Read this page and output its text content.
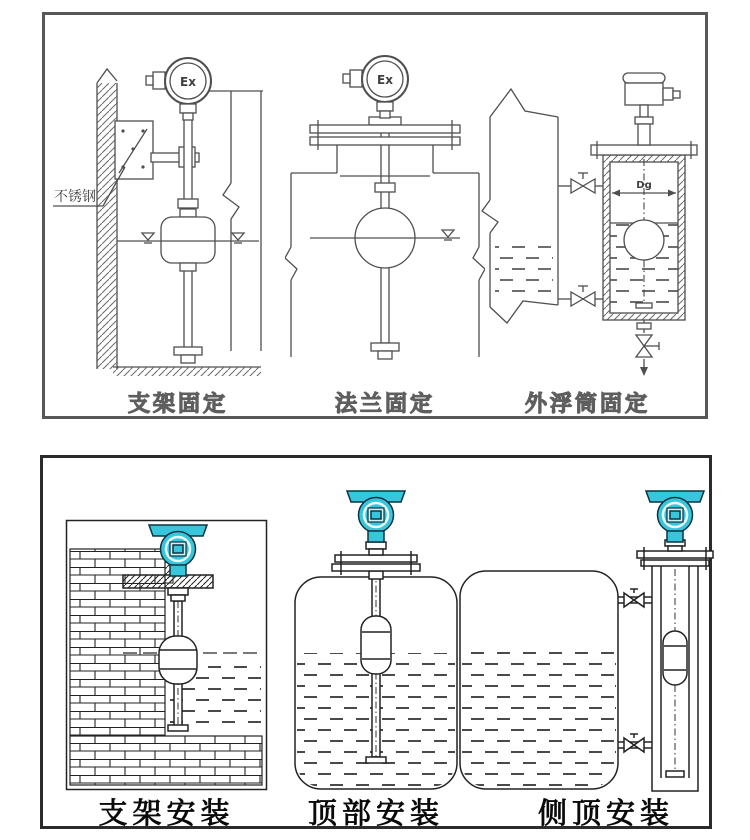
Ex
不锈钢
Ex
Dg
支架固定	法兰固定	外浮筒固定
支架安装	顶部安装	侧顶安装
